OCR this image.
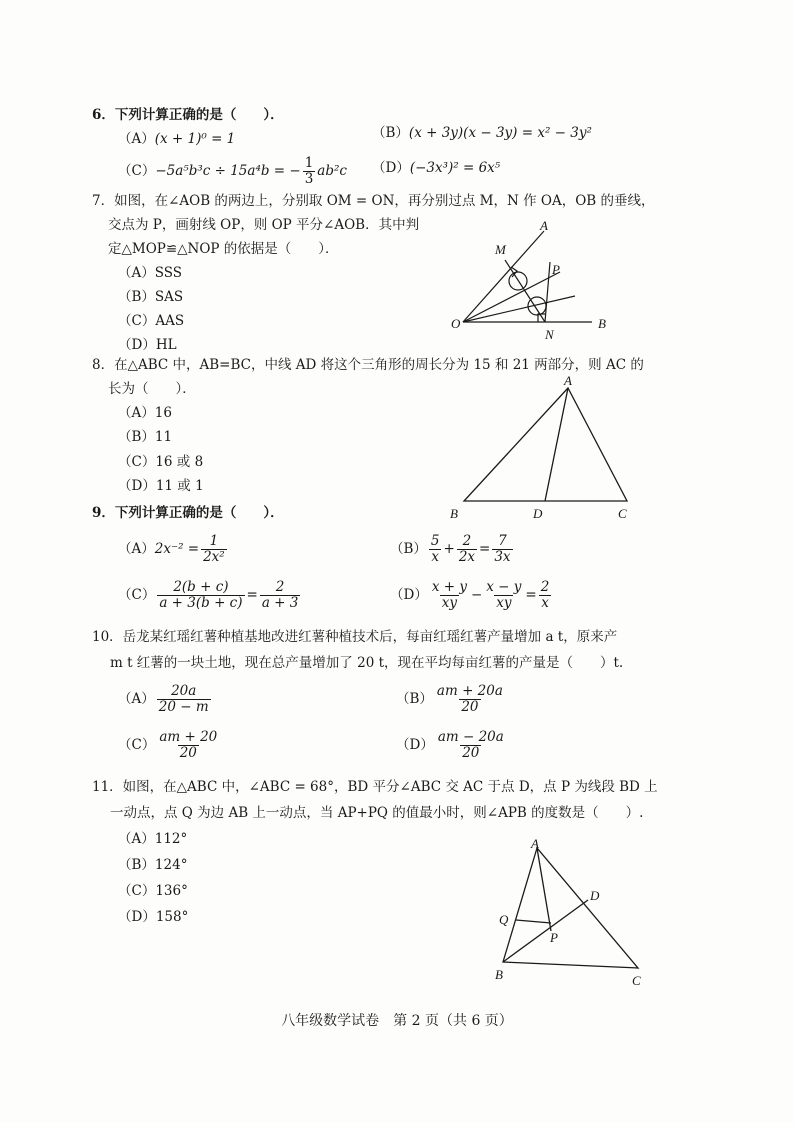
6．下列计算正确的是（　　）．
（A）(x + 1)⁰ = 1	（B）(x + 3y)(x − 3y) = x² − 3y²
（C）−5a⁵b³c ÷ 15a⁴b = − $\frac{1}{3} ab^2c$ （D）(−3x³)² = 6x⁵
7．如图，在∠AOB 的两边上，分别取 OM = ON，再分别过点 M，N 作 OA，OB 的垂线，
交点为 P，画射线 OP，则 OP 平分∠AOB．其中判
定△MOP≌△NOP 的依据是（　　）．
（A）SSS
（B）SAS
（C）AAS
（D）HL
A
M
P
O
N
B
8．在△ABC 中，AB=BC，中线 AD 将这个三角形的周长分为 15 和 21 两部分，则 AC 的
长为（　　）．
（A）16
（B）11
（C）16 或 8
（D）11 或 1
A
B	D	C
9．下列计算正确的是（　　）．
$(A)2x^{-2} = \frac{1}{\text{2x²}}$	$(B) \frac{5}{x} + \frac{2}{2x} = \frac{7}{3x}$
$(C) \frac{2(b + c)}{a + 3(b + c)} = \frac{2}{a + 3}$	$(D) \frac{x + y}{xy} - \frac{x - y}{xy} = \frac{2}{x}$
10．岳龙某红瑶红薯种植基地改进红薯种植技术后，每亩红瑶红薯产量增加 a t，原来产
m t 红薯的一块土地，现在总产量增加了 20 t，现在平均每亩红薯的产量是（　　）t.
$(A) \frac{20a}{20 - m}$	$(B) \frac{am + 20a}{20}$
$(C) \frac{am + 20}{20}$	$(D) \frac{am - 20a}{20}$
11．如图，在△ABC 中，∠ABC = 68°，BD 平分∠ABC 交 AC 于点 D，点 P 为线段 BD 上
一动点，点 Q 为边 AB 上一动点，当 AP+PQ 的值最小时，则∠APB 的度数是（　　）.
（A）112°
（B）124°
（C）136°
（D）158°
A
D
Q
P
B	C
八年级数学试卷　第 2 页（共 6 页）
